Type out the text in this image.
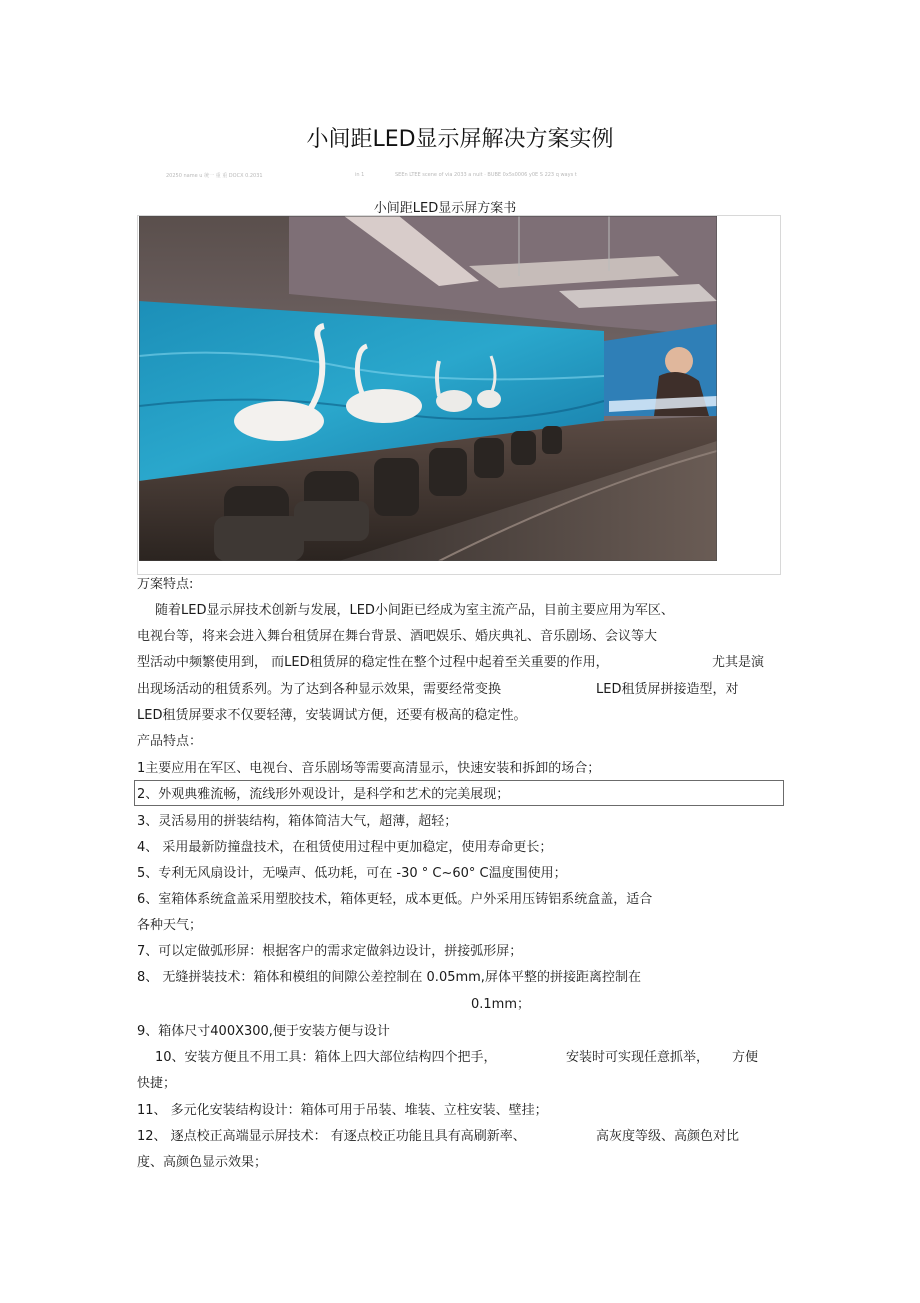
小间距LED显示屏解决方案实例
20250 name u 统一 重 重 DOCX 0.2031	in 1	SEEn LTEE scene of via 2033 a nuit · BUBE 0x5s0006 y0E S 223 q ways t
小间距LED显示屏方案书
万案特点:
随着LED显示屏技术创新与发展，LED小间距已经成为室主流产品，目前主要应用为军区、
电视台等，将来会进入舞台租赁屏在舞台背景、酒吧娱乐、婚庆典礼、音乐剧场、会议等大
型活动中频繁使用到， 而LED租赁屏的稳定性在整个过程中起着至关重要的作用，	尤其是演
出现场活动的租赁系列。为了达到各种显示效果，需要经常变换	LED租赁屏拼接造型，对
LED租赁屏要求不仅要轻薄，安装调试方便，还要有极高的稳定性。
产品特点：
1主要应用在军区、电视台、音乐剧场等需要高清显示，快速安装和拆卸的场合；
2、外观典雅流畅，流线形外观设计，是科学和艺术的完美展现；
3、灵活易用的拼装结构，箱体简洁大气，超薄，超轻；
4、 采用最新防撞盘技术，在租赁使用过程中更加稳定，使用寿命更长；
5、专利无风扇设计，无噪声、低功耗，可在 -30 ° C~60° C温度围使用；
6、室箱体系统盒盖采用塑胶技术，箱体更轻，成本更低。户外采用压铸铝系统盒盖，适合
各种天气；
7、可以定做弧形屏：根据客户的需求定做斜边设计，拼接弧形屏；
8、 无缝拼装技术：箱体和模组的间隙公差控制在 0.05mm,屏体平整的拼接距离控制在
0.1mm；
9、箱体尺寸400X300,便于安装方便与设计
10、安装方便且不用工具：箱体上四大部位结构四个把手，	安装时可实现任意抓举， 方便
快捷；
11、 多元化安装结构设计：箱体可用于吊装、堆装、立柱安装、壁挂；
12、 逐点校正高端显示屏技术： 有逐点校正功能且具有高刷新率、	高灰度等级、高颜色对比
度、高颜色显示效果；
